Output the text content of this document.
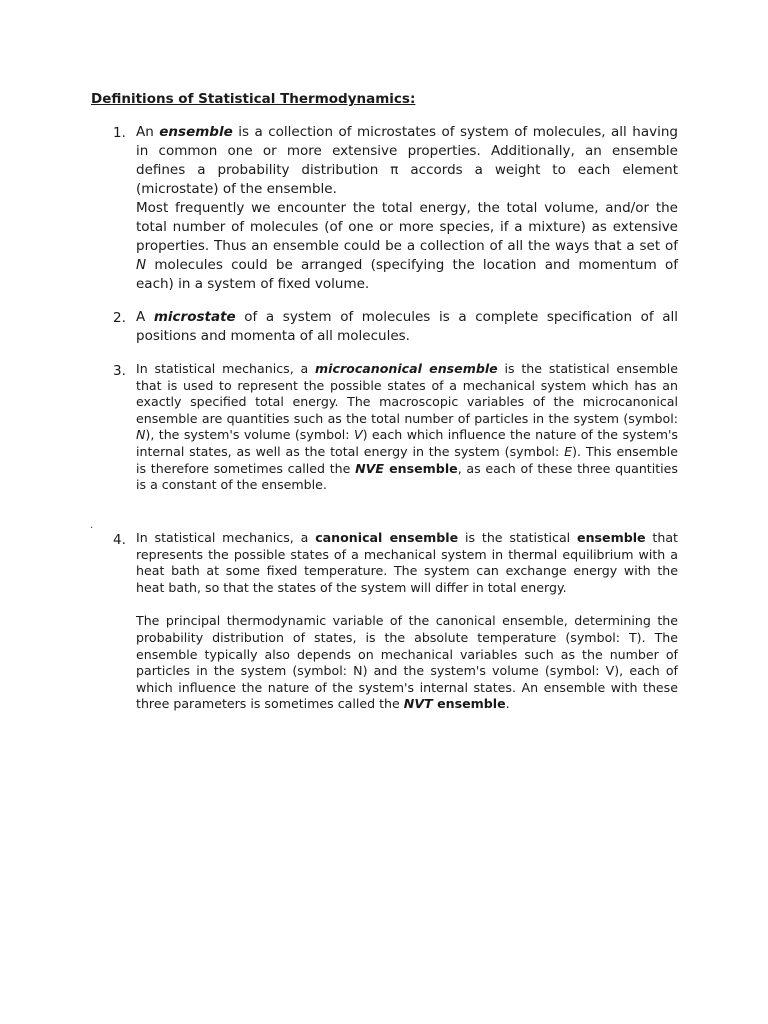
Definitions of Statistical Thermodynamics:
1. An ensemble is a collection of microstates of system of molecules, all having in common one or more extensive properties. Additionally, an ensemble defines a probability distribution π accords a weight to each element (microstate) of the ensemble.

Most frequently we encounter the total energy, the total volume, and/or the total number of molecules (of one or more species, if a mixture) as extensive properties. Thus an ensemble could be a collection of all the ways that a set of N molecules could be arranged (specifying the location and momentum of each) in a system of fixed volume.

2. A microstate of a system of molecules is a complete specification of all positions and momenta of all molecules.

3. In statistical mechanics, a microcanonical ensemble is the statistical ensemble that is used to represent the possible states of a mechanical system which has an exactly specified total energy. The macroscopic variables of the microcanonical ensemble are quantities such as the total number of particles in the system (symbol: N), the system's volume (symbol: V) each which influence the nature of the system's internal states, as well as the total energy in the system (symbol: E). This ensemble is therefore sometimes called the NVE ensemble, as each of these three quantities is a constant of the ensemble.

.
4. In statistical mechanics, a canonical ensemble is the statistical ensemble that represents the possible states of a mechanical system in thermal equilibrium with a heat bath at some fixed temperature. The system can exchange energy with the heat bath, so that the states of the system will differ in total energy.

The principal thermodynamic variable of the canonical ensemble, determining the probability distribution of states, is the absolute temperature (symbol: T). The ensemble typically also depends on mechanical variables such as the number of particles in the system (symbol: N) and the system's volume (symbol: V), each of which influence the nature of the system's internal states. An ensemble with these three parameters is sometimes called the NVT ensemble.
